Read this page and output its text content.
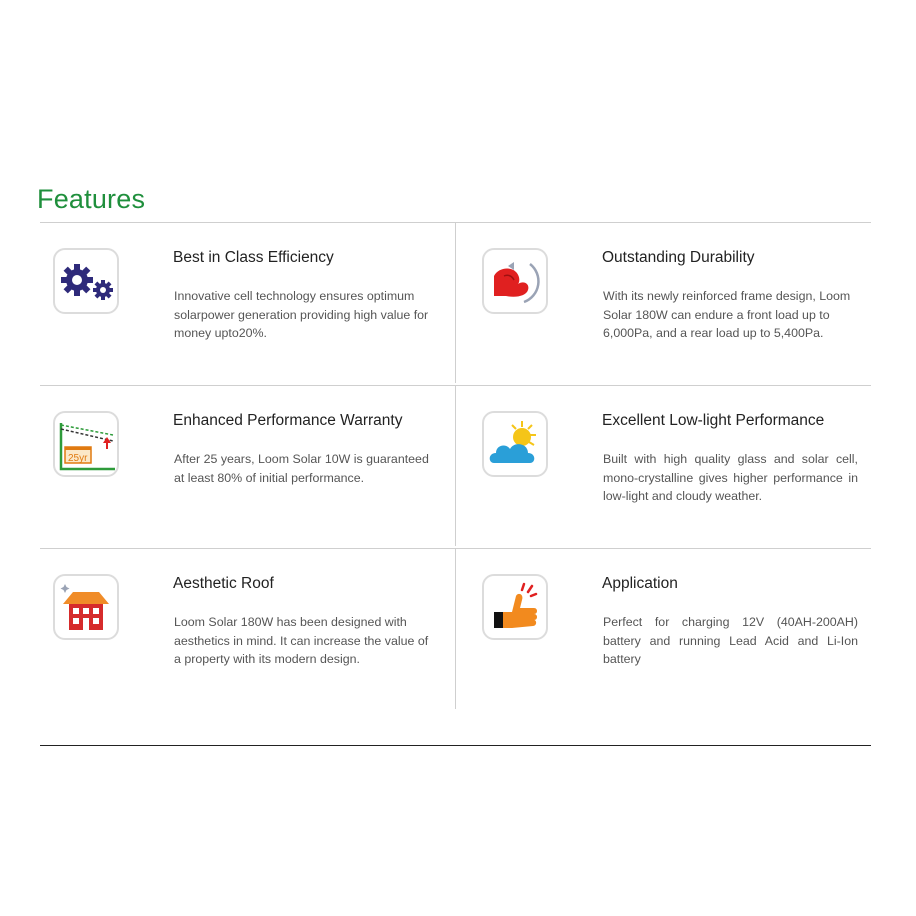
Features
Best in Class Efficiency
Innovative cell technology ensures optimum solarpower generation providing high value for money upto20%.
Outstanding Durability
With its newly reinforced frame design, Loom Solar 180W can endure a front load up to 6,000Pa, and a rear load up to 5,400Pa.
25yr
Enhanced Performance Warranty
After 25 years, Loom Solar 10W is guaranteed at least 80% of initial performance.
Excellent Low-light Performance
Built with high quality glass and solar cell, mono-crystalline gives higher performance in low-light and cloudy weather.
Aesthetic Roof
Loom Solar 180W has been designed with aesthetics in mind. It can increase the value of a property with its modern design.
Application
Perfect for charging 12V (40AH-200AH) battery and running Lead Acid and Li-Ion battery
